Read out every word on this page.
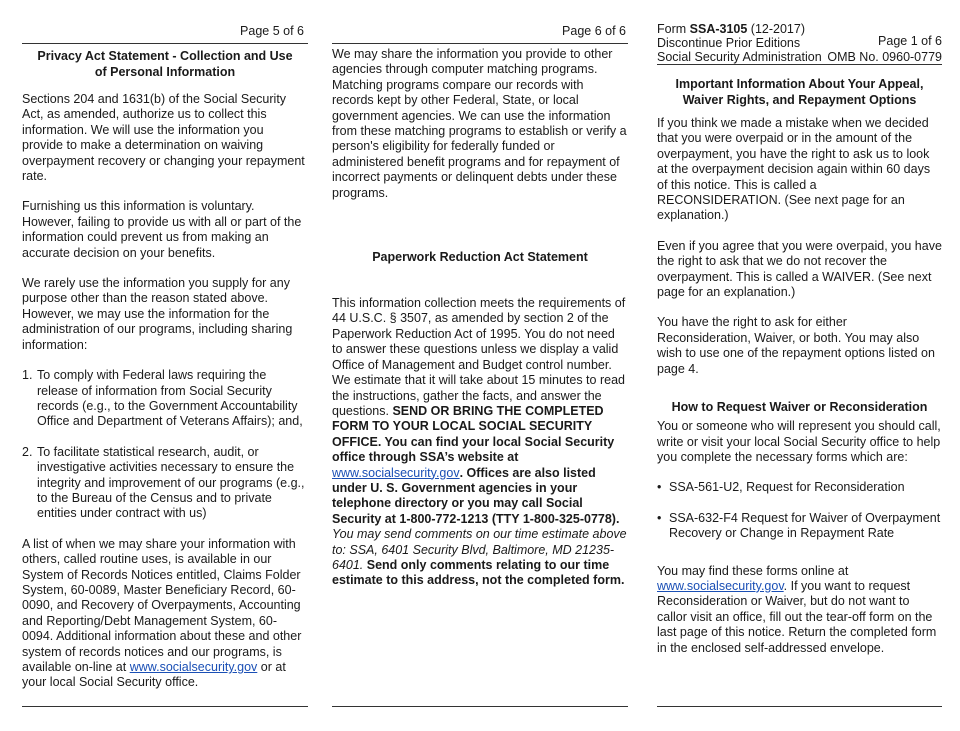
Page 5 of 6
Privacy Act Statement - Collection and Use of Personal Information

Sections 204 and 1631(b) of the Social Security Act, as amended, authorize us to collect this information. We will use the information you provide to make a determination on waiving overpayment recovery or changing your repayment rate.

Furnishing us this information is voluntary. However, failing to provide us with all or part of the information could prevent us from making an accurate decision on your benefits.

We rarely use the information you supply for any purpose other than the reason stated above. However, we may use the information for the administration of our programs, including sharing information:

1. To comply with Federal laws requiring the release of information from Social Security records (e.g., to the Government Accountability Office and Department of Veterans Affairs); and,
2. To facilitate statistical research, audit, or investigative activities necessary to ensure the integrity and improvement of our programs (e.g., to the Bureau of the Census and to private entities under contract with us)

A list of when we may share your information with others, called routine uses, is available in our System of Records Notices entitled, Claims Folder System, 60-0089, Master Beneficiary Record, 60-0090, and Recovery of Overpayments, Accounting and Reporting/Debt Management System, 60-0094. Additional information about these and other system of records notices and our programs, is available on-line at www.socialsecurity.gov or at your local Social Security office.

Page 6 of 6

We may share the information you provide to other agencies through computer matching programs. Matching programs compare our records with records kept by other Federal, State, or local government agencies. We can use the information from these matching programs to establish or verify a person's eligibility for federally funded or administered benefit programs and for repayment of incorrect payments or delinquent debts under these programs.

Paperwork Reduction Act Statement

This information collection meets the requirements of 44 U.S.C. § 3507, as amended by section 2 of the Paperwork Reduction Act of 1995. You do not need to answer these questions unless we display a valid Office of Management and Budget control number. We estimate that it will take about 15 minutes to read the instructions, gather the facts, and answer the questions. SEND OR BRING THE COMPLETED FORM TO YOUR LOCAL SOCIAL SECURITY OFFICE. You can find your local Social Security office through SSA’s website at www.socialsecurity.gov. Offices are also listed under U. S. Government agencies in your telephone directory or you may call Social Security at 1-800-772-1213 (TTY 1-800-325-0778). You may send comments on our time estimate above to: SSA, 6401 Security Blvd, Baltimore, MD 21235-6401. Send only comments relating to our time estimate to this address, not the completed form.

Form SSA-3105 (12-2017)
Discontinue Prior Editions
Social Security Administration
Page 1 of 6
OMB No. 0960-0779
Important Information About Your Appeal, Waiver Rights, and Repayment Options

If you think we made a mistake when we decided that you were overpaid or in the amount of the overpayment, you have the right to ask us to look at the overpayment decision again within 60 days of this notice. This is called a RECONSIDERATION. (See next page for an explanation.)

Even if you agree that you were overpaid, you have the right to ask that we do not recover the overpayment. This is called a WAIVER. (See next page for an explanation.)

You have the right to ask for either Reconsideration, Waiver, or both. You may also wish to use one of the repayment options listed on page 4.

How to Request Waiver or Reconsideration

You or someone who will represent you should call, write or visit your local Social Security office to help you complete the necessary forms which are:

• SSA-561-U2, Request for Reconsideration
• SSA-632-F4 Request for Waiver of Overpayment Recovery or Change in Repayment Rate

You may find these forms online at www.socialsecurity.gov. If you want to request Reconsideration or Waiver, but do not want to callor visit an office, fill out the tear-off form on the last page of this notice. Return the completed form in the enclosed self-addressed envelope.
